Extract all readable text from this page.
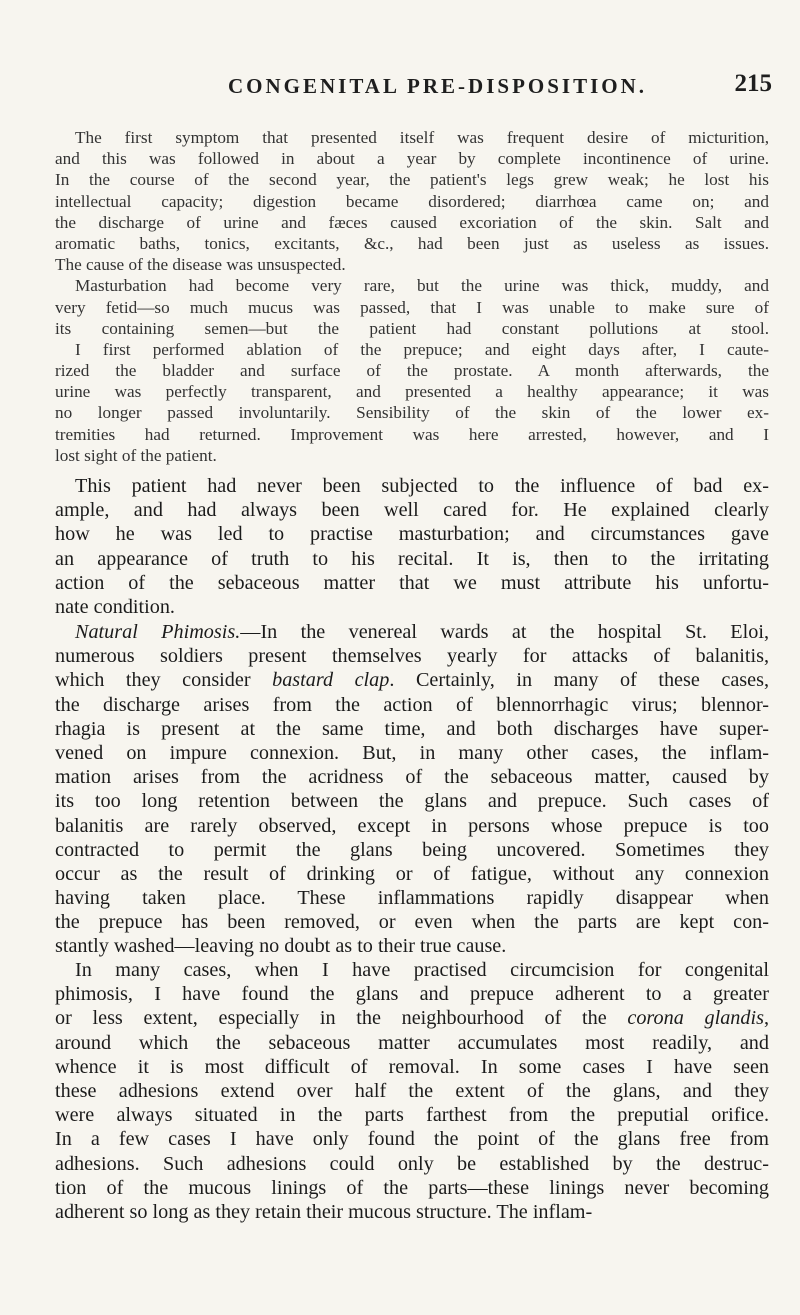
CONGENITAL PRE-DISPOSITION.	215
The first symptom that presented itself was frequent desire of micturition,
and this was followed in about a year by complete incontinence of urine.
In the course of the second year, the patient's legs grew weak; he lost his
intellectual capacity; digestion became disordered; diarrhœa came on; and
the discharge of urine and fæces caused excoriation of the skin. Salt and
aromatic baths, tonics, excitants, &c., had been just as useless as issues.
The cause of the disease was unsuspected.
Masturbation had become very rare, but the urine was thick, muddy, and
very fetid—so much mucus was passed, that I was unable to make sure of
its containing semen—but the patient had constant pollutions at stool.
I first performed ablation of the prepuce; and eight days after, I caute-
rized the bladder and surface of the prostate. A month afterwards, the
urine was perfectly transparent, and presented a healthy appearance; it was
no longer passed involuntarily. Sensibility of the skin of the lower ex-
tremities had returned. Improvement was here arrested, however, and I
lost sight of the patient.
This patient had never been subjected to the influence of bad ex-
ample, and had always been well cared for. He explained clearly
how he was led to practise masturbation; and circumstances gave
an appearance of truth to his recital. It is, then to the irritating
action of the sebaceous matter that we must attribute his unfortu-
nate condition.
Natural Phimosis.—In the venereal wards at the hospital St. Eloi,
numerous soldiers present themselves yearly for attacks of balanitis,
which they consider bastard clap. Certainly, in many of these cases,
the discharge arises from the action of blennorrhagic virus; blennor-
rhagia is present at the same time, and both discharges have super-
vened on impure connexion. But, in many other cases, the inflam-
mation arises from the acridness of the sebaceous matter, caused by
its too long retention between the glans and prepuce. Such cases of
balanitis are rarely observed, except in persons whose prepuce is too
contracted to permit the glans being uncovered. Sometimes they
occur as the result of drinking or of fatigue, without any connexion
having taken place. These inflammations rapidly disappear when
the prepuce has been removed, or even when the parts are kept con-
stantly washed—leaving no doubt as to their true cause.
In many cases, when I have practised circumcision for congenital
phimosis, I have found the glans and prepuce adherent to a greater
or less extent, especially in the neighbourhood of the corona glandis,
around which the sebaceous matter accumulates most readily, and
whence it is most difficult of removal. In some cases I have seen
these adhesions extend over half the extent of the glans, and they
were always situated in the parts farthest from the preputial orifice.
In a few cases I have only found the point of the glans free from
adhesions. Such adhesions could only be established by the destruc-
tion of the mucous linings of the parts—these linings never becoming
adherent so long as they retain their mucous structure. The inflam-
